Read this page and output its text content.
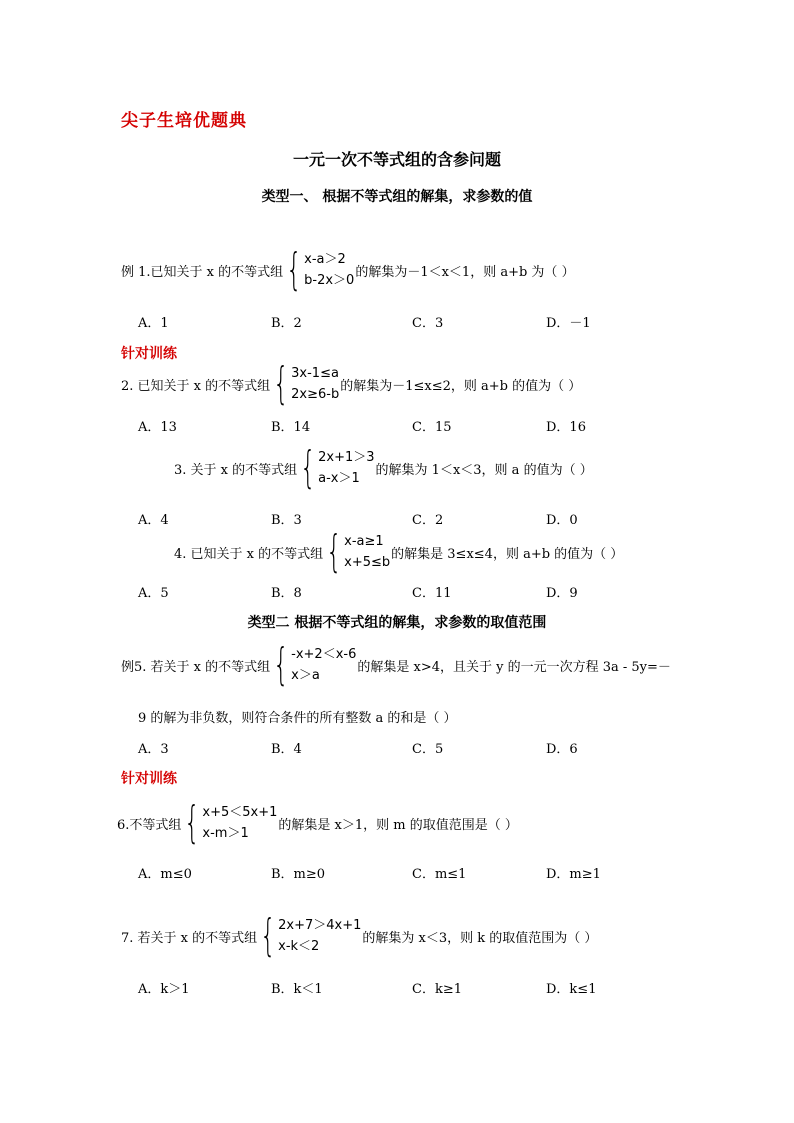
尖子生培优题典
一元一次不等式组的含参问题
类型一、 根据不等式组的解集，求参数的值
例 1.已知关于 x 的不等式组 { x-a＞2
b-2x＞0
的解集为－1＜x＜1，则 a+b 为（ ）
A．1	B．2	C．3	D．－1
针对训练
2. 已知关于 x 的不等式组 { 3x-1≤a
2x≥6-b
的解集为－1≤x≤2，则 a+b 的值为（ ）
A．13	B．14	C．15	D．16
3. 关于 x 的不等式组 { 2x+1＞3
a-x＞1
的解集为 1＜x＜3，则 a 的值为（ ）
A．4	B．3	C．2	D．0
4. 已知关于 x 的不等式组 { x-a≥1
x+5≤b
的解集是 3≤x≤4，则 a+b 的值为（ ）
A．5	B．8	C．11	D．9
类型二 根据不等式组的解集，求参数的取值范围
例5. 若关于 x 的不等式组 { -x+2＜x-6
x＞a
的解集是 x>4，且关于 y 的一元一次方程 3a - 5y=－
9 的解为非负数，则符合条件的所有整数 a 的和是（ ）
A．3	B．4	C．5	D．6
针对训练
6.不等式组 { x+5＜5x+1
x-m＞1
的解集是 x＞1，则 m 的取值范围是（ ）
A．m≤0	B．m≥0	C．m≤1	D．m≥1
7. 若关于 x 的不等式组 { 2x+7＞4x+1
x-k＜2
的解集为 x＜3，则 k 的取值范围为（ ）
A．k＞1	B．k＜1	C．k≥1	D．k≤1
